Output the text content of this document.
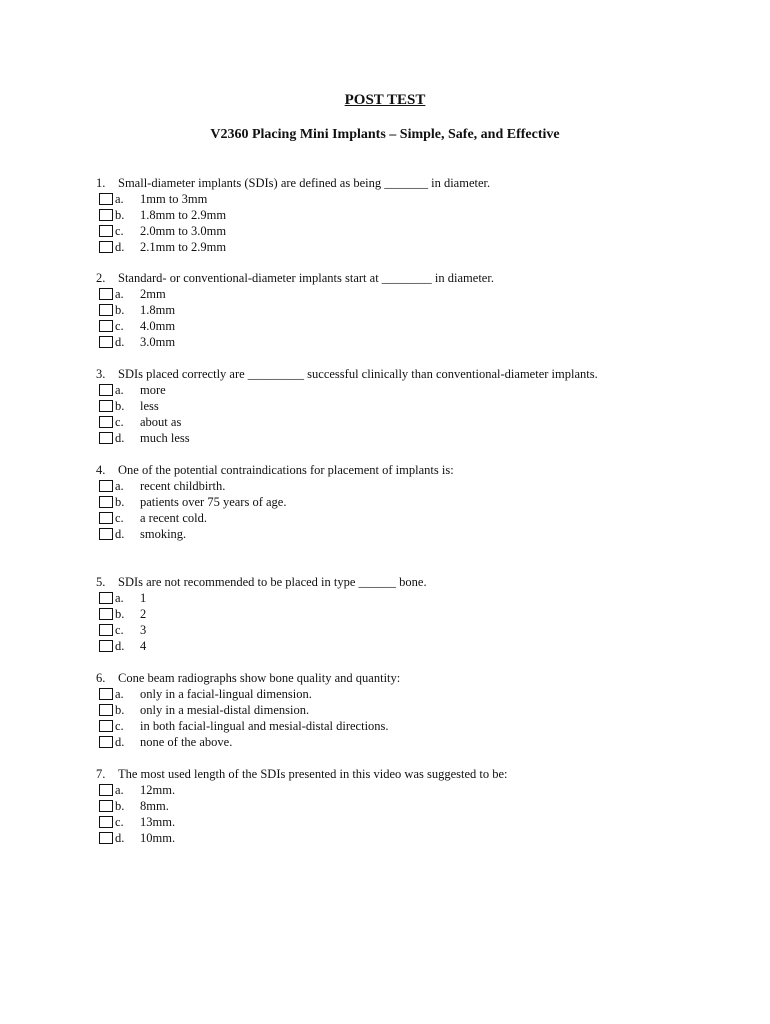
POST TEST
V2360 Placing Mini Implants – Simple, Safe, and Effective
1. Small-diameter implants (SDIs) are defined as being _______ in diameter.
a. 1mm to 3mm
b. 1.8mm to 2.9mm
c. 2.0mm to 3.0mm
d. 2.1mm to 2.9mm
2. Standard- or conventional-diameter implants start at ________ in diameter.
a. 2mm
b. 1.8mm
c. 4.0mm
d. 3.0mm
3. SDIs placed correctly are _________ successful clinically than conventional-diameter implants.
a. more
b. less
c. about as
d. much less
4. One of the potential contraindications for placement of implants is:
a. recent childbirth.
b. patients over 75 years of age.
c. a recent cold.
d. smoking.
5. SDIs are not recommended to be placed in type ______ bone.
a. 1
b. 2
c. 3
d. 4
6. Cone beam radiographs show bone quality and quantity:
a. only in a facial-lingual dimension.
b. only in a mesial-distal dimension.
c. in both facial-lingual and mesial-distal directions.
d. none of the above.
7. The most used length of the SDIs presented in this video was suggested to be:
a. 12mm.
b. 8mm.
c. 13mm.
d. 10mm.
